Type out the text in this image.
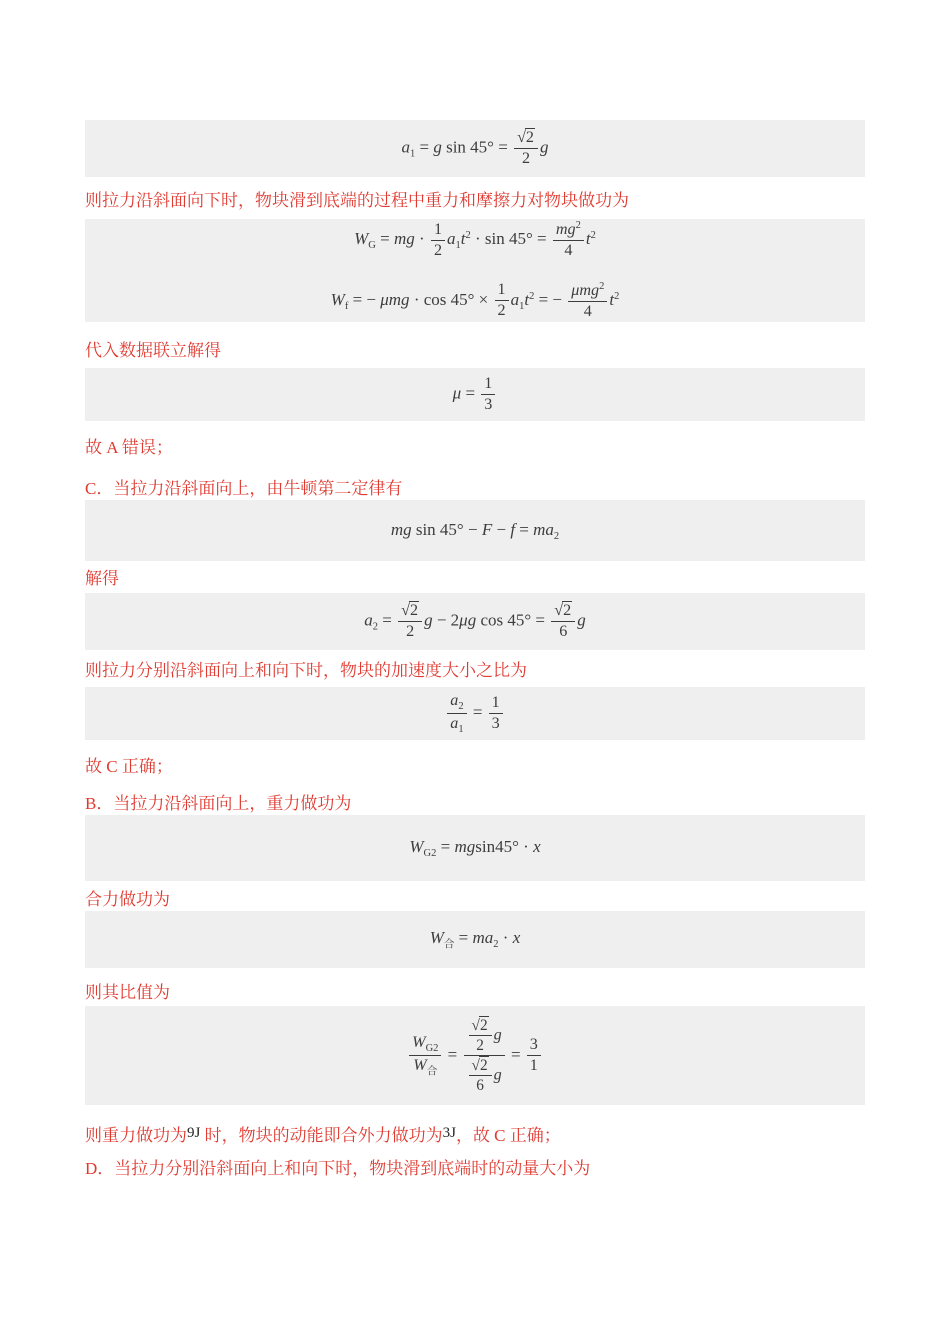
$a_1 = g$ $\sin 45^\circ = \frac{√2}{2}$ g
则拉力沿斜面向下时，物块滑到底端的过程中重力和摩擦力对物块做功为
$W_G$ = mg · $\frac{1}{2} a_1t^2 \cdot \sin 45^\circ = \frac{mg^2}{4} t^2$
$W_f$ = − $\mu mg \cdot \cos 45^\circ \times \frac{1}{2} a_1t^2$ = − $\frac{\mu mg^2}{4} t^2$
代入数据联立解得
$\mu = \frac{1}{3}$
故 A 错误；
C．当拉力沿斜面向上，由牛顿第二定律有
mg $\sin 45^\circ - F - f = ma_2$
解得
$a_2 = \frac{√2}{2}$ g − 2μg $\cos 45^\circ = \frac{√2}{6}$ g
则拉力分别沿斜面向上和向下时，物块的加速度大小之比为
$\frac{a_2}{a_1} = \frac{1}{3}$
故 C 正确；
B．当拉力沿斜面向上，重力做功为
$W_{G2} = mgsin45^\circ \cdot x$
合力做功为
$W_合 = ma_2 \cdot x$
则其比值为
$\frac{W_{G2}}{W_合} = \frac{\frac{√2}{2} g}{\frac{√2}{6} g} = \frac{3}{1}$
则重力做功为9J 时，物块的动能即合外力做功为3J，故 C 正确；
D．当拉力分别沿斜面向上和向下时，物块滑到底端时的动量大小为
